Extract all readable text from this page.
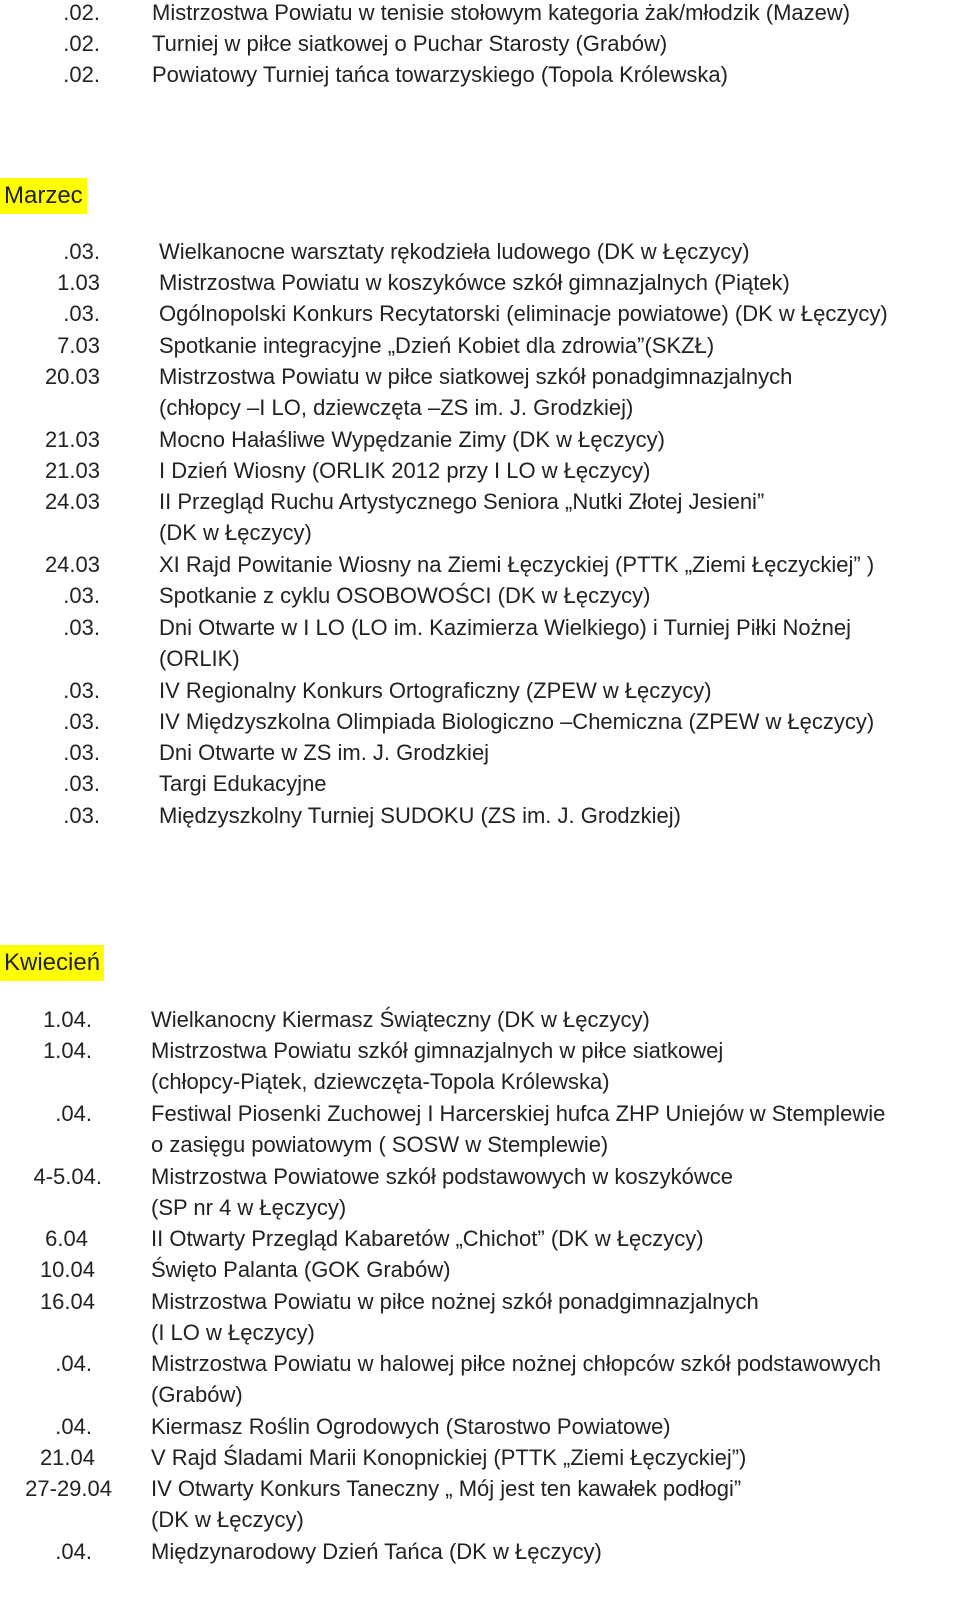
.02. Mistrzostwa Powiatu w tenisie stołowym kategoria żak/młodzik (Mazew)
.02. Turniej w piłce siatkowej o Puchar Starosty (Grabów)
.02. Powiatowy Turniej tańca towarzyskiego (Topola Królewska)
Marzec
.03.	Wielkanocne warsztaty rękodzieła ludowego (DK w Łęczycy)
1.03	Mistrzostwa Powiatu w koszykówce szkół gimnazjalnych (Piątek)
.03.	Ogólnopolski Konkurs Recytatorski (eliminacje powiatowe) (DK w Łęczycy)
7.03	Spotkanie integracyjne „Dzień Kobiet dla zdrowia”(SKZŁ)
20.03	Mistrzostwa Powiatu w piłce siatkowej szkół ponadgimnazjalnych
(chłopcy –I LO, dziewczęta –ZS im. J. Grodzkiej)
21.03	Mocno Hałaśliwe Wypędzanie Zimy (DK w Łęczycy)
21.03	I Dzień Wiosny (ORLIK 2012 przy I LO w Łęczycy)
24.03	II Przegląd Ruchu Artystycznego Seniora „Nutki Złotej Jesieni”
(DK w Łęczycy)
24.03	XI Rajd Powitanie Wiosny na Ziemi Łęczyckiej (PTTK „Ziemi Łęczyckiej” )
.03.	Spotkanie z cyklu OSOBOWOŚCI (DK w Łęczycy)
.03.	Dni Otwarte w I LO (LO im. Kazimierza Wielkiego) i Turniej Piłki Nożnej
(ORLIK)
.03.	IV Regionalny Konkurs Ortograficzny (ZPEW w Łęczycy)
.03.	IV Międzyszkolna Olimpiada Biologiczno –Chemiczna (ZPEW w Łęczycy)
.03.	Dni Otwarte w ZS im. J. Grodzkiej
.03.	Targi Edukacyjne
.03.	Międzyszkolny Turniej SUDOKU (ZS im. J. Grodzkiej)
Kwiecień
1.04.	Wielkanocny Kiermasz Świąteczny (DK w Łęczycy)
1.04.	Mistrzostwa Powiatu szkół gimnazjalnych w piłce siatkowej
(chłopcy-Piątek, dziewczęta-Topola Królewska)
.04.	Festiwal Piosenki Zuchowej I Harcerskiej hufca ZHP Uniejów w Stemplewie
o zasięgu powiatowym ( SOSW w Stemplewie)
4-5.04. Mistrzostwa Powiatowe szkół podstawowych w koszykówce
(SP nr 4 w Łęczycy)
6.04	II Otwarty Przegląd Kabaretów „Chichot” (DK w Łęczycy)
10.04	Święto Palanta (GOK Grabów)
16.04	Mistrzostwa Powiatu w piłce nożnej szkół ponadgimnazjalnych
(I LO w Łęczycy)
.04.	Mistrzostwa Powiatu w halowej piłce nożnej chłopców szkół podstawowych
(Grabów)
.04.	Kiermasz Roślin Ogrodowych (Starostwo Powiatowe)
21.04	V Rajd Śladami Marii Konopnickiej (PTTK „Ziemi Łęczyckiej”)
27-29.04 IV Otwarty Konkurs Taneczny „ Mój jest ten kawałek podłogi”
(DK w Łęczycy)
.04.	Międzynarodowy Dzień Tańca (DK w Łęczycy)
